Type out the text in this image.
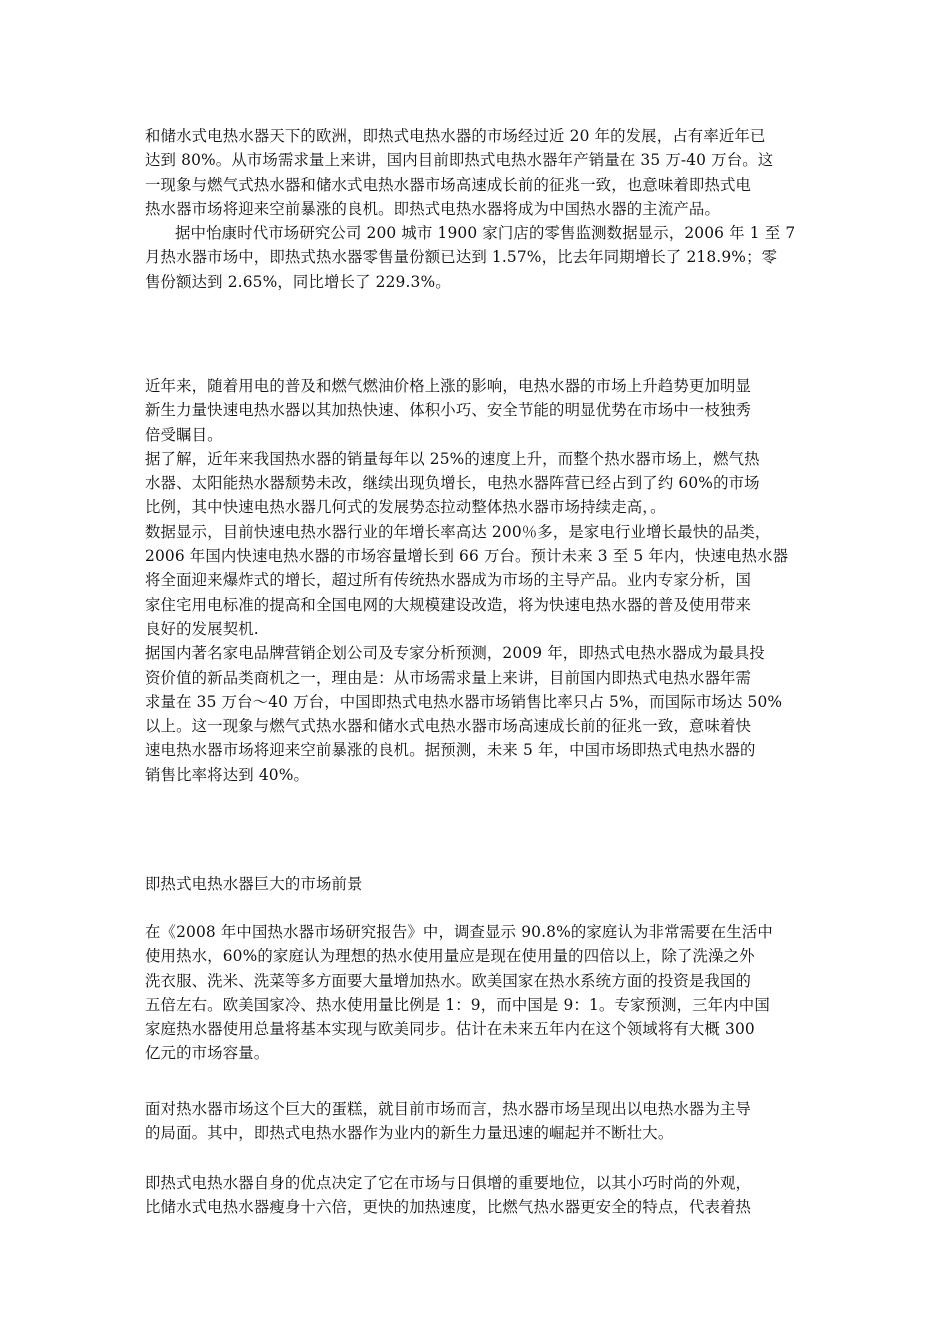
和储水式电热水器天下的欧洲，即热式电热水器的市场经过近 20 年的发展，占有率近年已
达到 80%。从市场需求量上来讲，国内目前即热式电热水器年产销量在 35 万-40 万台。这
一现象与燃气式热水器和储水式电热水器市场高速成长前的征兆一致，也意味着即热式电
热水器市场将迎来空前暴涨的良机。即热式电热水器将成为中国热水器的主流产品。
据中怡康时代市场研究公司 200 城市 1900 家门店的零售监测数据显示，2006 年 1 至 7
月热水器市场中，即热式热水器零售量份额已达到 1.57%，比去年同期增长了 218.9%；零
售份额达到 2.65%，同比增长了 229.3%。
近年来，随着用电的普及和燃气燃油价格上涨的影响，电热水器的市场上升趋势更加明显
新生力量快速电热水器以其加热快速、体积小巧、安全节能的明显优势在市场中一枝独秀
倍受瞩目。
据了解，近年来我国热水器的销量每年以 25%的速度上升，而整个热水器市场上，燃气热
水器、太阳能热水器颓势未改，继续出现负增长，电热水器阵营已经占到了约 60%的市场
比例，其中快速电热水器几何式的发展势态拉动整体热水器市场持续走高，。
数据显示，目前快速电热水器行业的年增长率高达 200％多，是家电行业增长最快的品类，
2006 年国内快速电热水器的市场容量增长到 66 万台。预计未来 3 至 5 年内，快速电热水器
将全面迎来爆炸式的增长，超过所有传统热水器成为市场的主导产品。业内专家分析，国
家住宅用电标准的提高和全国电网的大规模建设改造，将为快速电热水器的普及使用带来
良好的发展契机.
据国内著名家电品牌营销企划公司及专家分析预测，2009 年，即热式电热水器成为最具投
资价值的新品类商机之一，理由是：从市场需求量上来讲，目前国内即热式电热水器年需
求量在 35 万台～40 万台，中国即热式电热水器市场销售比率只占 5%，而国际市场达 50%
以上。这一现象与燃气式热水器和储水式电热水器市场高速成长前的征兆一致，意味着快
速电热水器市场将迎来空前暴涨的良机。据预测，未来 5 年，中国市场即热式电热水器的
销售比率将达到 40%。
即热式电热水器巨大的市场前景
在《2008 年中国热水器市场研究报告》中，调查显示 90.8%的家庭认为非常需要在生活中
使用热水，60%的家庭认为理想的热水使用量应是现在使用量的四倍以上，除了洗澡之外
洗衣服、洗米、洗菜等多方面要大量增加热水。欧美国家在热水系统方面的投资是我国的
五倍左右。欧美国家冷、热水使用量比例是 1：9，而中国是 9：1。专家预测，三年内中国
家庭热水器使用总量将基本实现与欧美同步。估计在未来五年内在这个领域将有大概 300
亿元的市场容量。
面对热水器市场这个巨大的蛋糕，就目前市场而言，热水器市场呈现出以电热水器为主导
的局面。其中，即热式电热水器作为业内的新生力量迅速的崛起并不断壮大。
即热式电热水器自身的优点决定了它在市场与日俱增的重要地位，以其小巧时尚的外观，
比储水式电热水器瘦身十六倍，更快的加热速度，比燃气热水器更安全的特点，代表着热
